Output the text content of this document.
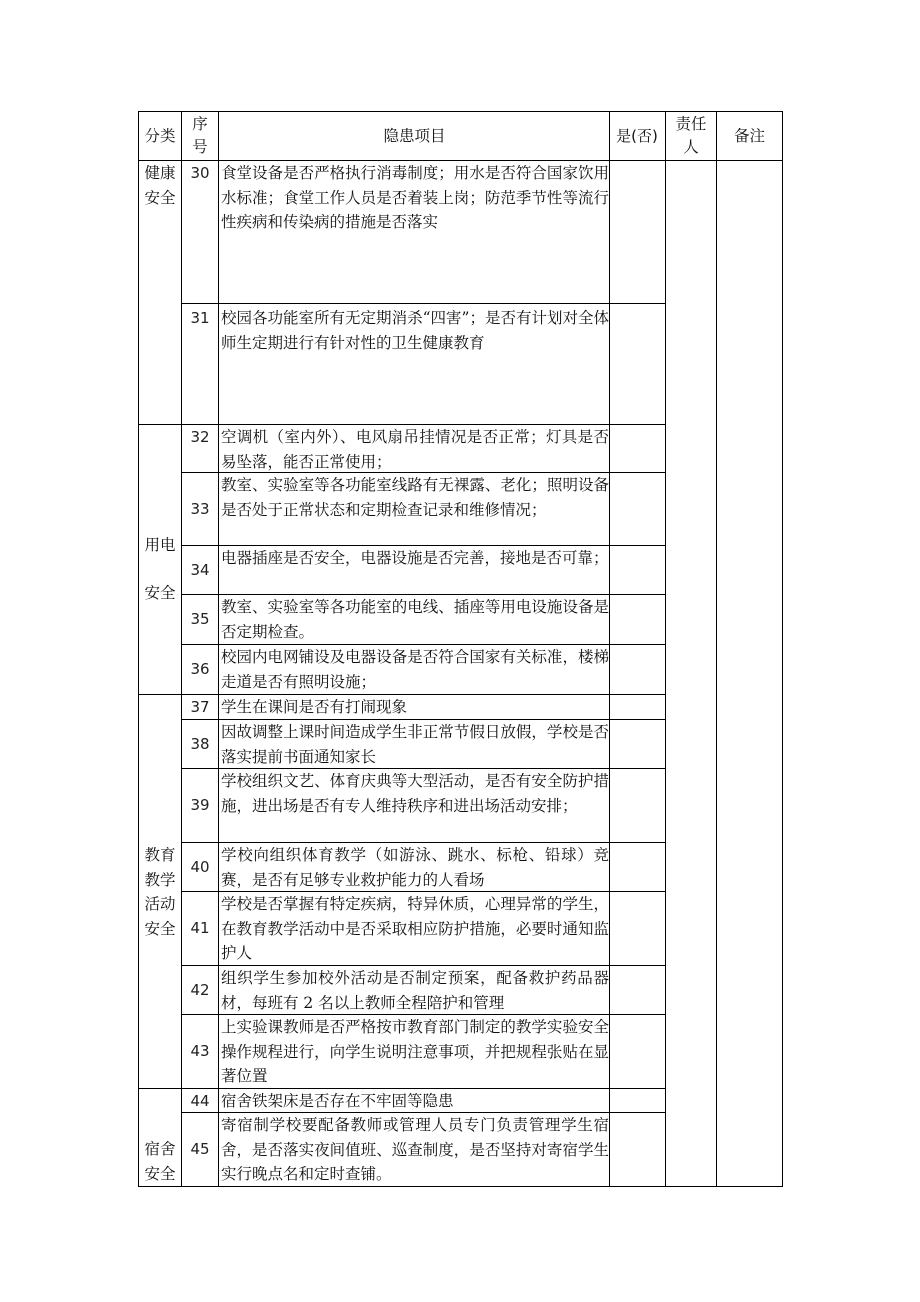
分类
序号
隐患项目	是(否)
责任人
备注
健康
安全
用电
安全
教育
教学
活动
安全
宿舍
安全
30 食堂设备是否严格执行消毒制度；用水是否符合国家饮用水标准；食堂工作人员是否着装上岗；防范季节性等流行性疾病和传染病的措施是否落实
31 校园各功能室所有无定期消杀“四害”；是否有计划对全体师生定期进行有针对性的卫生健康教育
32 空调机（室内外）、电风扇吊挂情况是否正常；灯具是否易坠落，能否正常使用；
33
教室、实验室等各功能室线路有无裸露、老化；照明设备是否处于正常状态和定期检查记录和维修情况；
34
电器插座是否安全，电器设施是否完善，接地是否可靠；
35
教室、实验室等各功能室的电线、插座等用电设施设备是否定期检查。
36
校园内电网铺设及电器设备是否符合国家有关标准，楼梯走道是否有照明设施；
37 学生在课间是否有打闹现象
38
因故调整上课时间造成学生非正常节假日放假，学校是否落实提前书面通知家长
39
学校组织文艺、体育庆典等大型活动，是否有安全防护措施，进出场是否有专人维持秩序和进出场活动安排；
40
学校向组织体育教学（如游泳、跳水、标枪、铅球）竞赛，是否有足够专业救护能力的人看场
41
学校是否掌握有特定疾病，特异休质，心理异常的学生，在教育教学活动中是否采取相应防护措施，必要时通知监护人
42
组织学生参加校外活动是否制定预案，配备救护药品器材，每班有 2 名以上教师全程陪护和管理
43
上实验课教师是否严格按市教育部门制定的教学实验安全操作规程进行，向学生说明注意事项，并把规程张贴在显著位置
44 宿舍铁架床是否存在不牢固等隐患
45
寄宿制学校要配备教师或管理人员专门负责管理学生宿舍，是否落实夜间值班、巡查制度，是否坚持对寄宿学生实行晚点名和定时查铺。
